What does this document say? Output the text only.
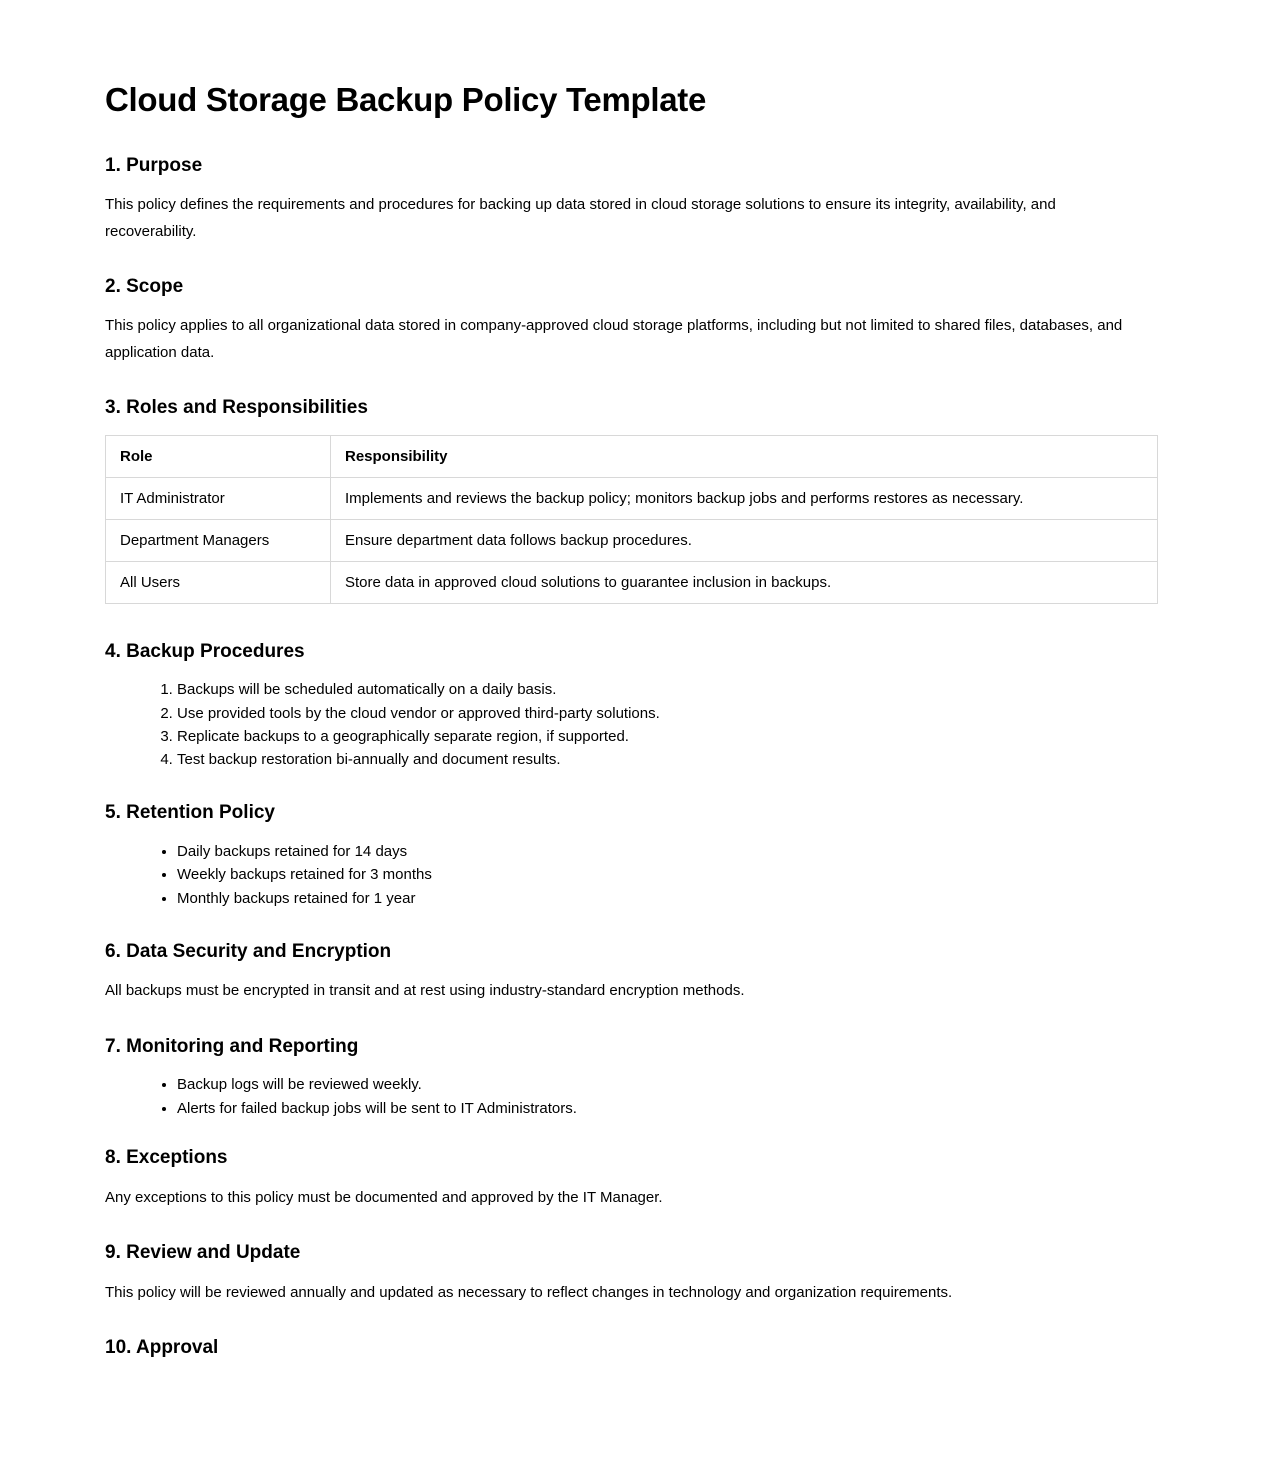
Cloud Storage Backup Policy Template
1. Purpose

This policy defines the requirements and procedures for backing up data stored in cloud storage solutions to ensure its integrity, availability, and recoverability.

2. Scope

This policy applies to all organizational data stored in company-approved cloud storage platforms, including but not limited to shared files, databases, and application data.

3. Roles and Responsibilities
Role	Responsibility
IT Administrator	Implements and reviews the backup policy; monitors backup jobs and performs restores as necessary.
Department Managers	Ensure department data follows backup procedures.
All Users	Store data in approved cloud solutions to guarantee inclusion in backups.
4. Backup Procedures
1. Backups will be scheduled automatically on a daily basis.
2. Use provided tools by the cloud vendor or approved third-party solutions.
3. Replicate backups to a geographically separate region, if supported.
4. Test backup restoration bi-annually and document results.
5. Retention Policy
• Daily backups retained for 14 days
• Weekly backups retained for 3 months
• Monthly backups retained for 1 year
6. Data Security and Encryption

All backups must be encrypted in transit and at rest using industry-standard encryption methods.

7. Monitoring and Reporting
• Backup logs will be reviewed weekly.
• Alerts for failed backup jobs will be sent to IT Administrators.
8. Exceptions

Any exceptions to this policy must be documented and approved by the IT Manager.

9. Review and Update

This policy will be reviewed annually and updated as necessary to reflect changes in technology and organization requirements.

10. Approval
